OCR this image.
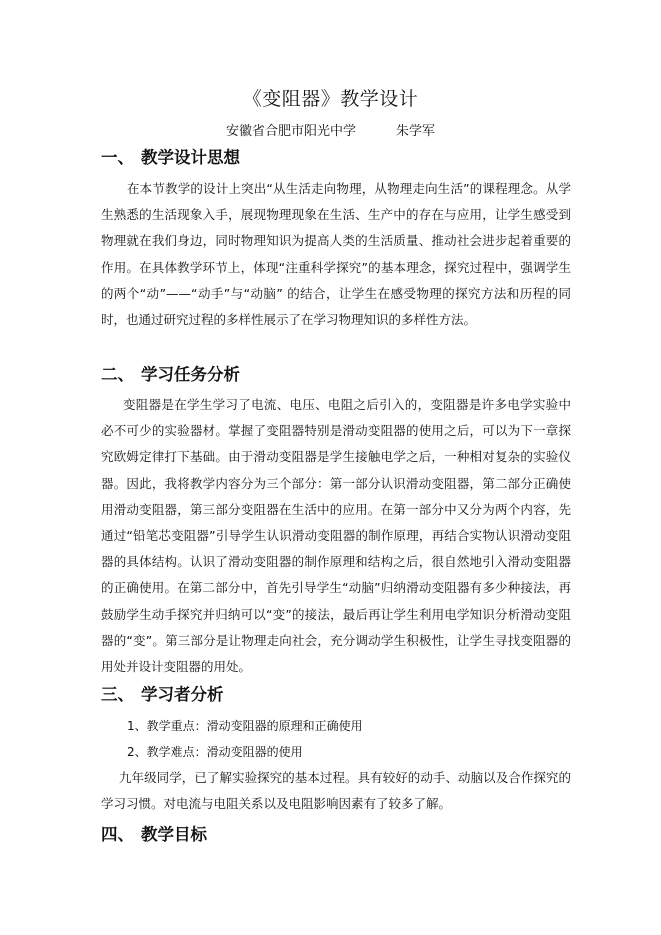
《变阻器》教学设计
安徽省合肥市阳光中学	朱学军
一、 教学设计思想
在本节教学的设计上突出“从生活走向物理，从物理走向生活”的课程理念。从学生熟悉的生活现象入手，展现物理现象在生活、生产中的存在与应用，让学生感受到物理就在我们身边，同时物理知识为提高人类的生活质量、推动社会进步起着重要的作用。在具体教学环节上，体现“注重科学探究”的基本理念，探究过程中，强调学生的两个“动”——“动手”与“动脑” 的结合，让学生在感受物理的探究方法和历程的同时，也通过研究过程的多样性展示了在学习物理知识的多样性方法。
二、 学习任务分析
变阻器是在学生学习了电流、电压、电阻之后引入的，变阻器是许多电学实验中必不可少的实验器材。掌握了变阻器特别是滑动变阻器的使用之后，可以为下一章探究欧姆定律打下基础。由于滑动变阻器是学生接触电学之后，一种相对复杂的实验仪器。因此，我将教学内容分为三个部分：第一部分认识滑动变阻器，第二部分正确使用滑动变阻器，第三部分变阻器在生活中的应用。在第一部分中又分为两个内容，先通过“铅笔芯变阻器”引导学生认识滑动变阻器的制作原理，再结合实物认识滑动变阻器的具体结构。认识了滑动变阻器的制作原理和结构之后，很自然地引入滑动变阻器的正确使用。在第二部分中，首先引导学生“动脑”归纳滑动变阻器有多少种接法，再鼓励学生动手探究并归纳可以“变”的接法，最后再让学生利用电学知识分析滑动变阻器的“变”。第三部分是让物理走向社会，充分调动学生积极性，让学生寻找变阻器的用处并设计变阻器的用处。
三、 学习者分析
1、教学重点：滑动变阻器的原理和正确使用
2、教学难点：滑动变阻器的使用
九年级同学，已了解实验探究的基本过程。具有较好的动手、动脑以及合作探究的学习习惯。对电流与电阻关系以及电阻影响因素有了较多了解。
四、 教学目标
